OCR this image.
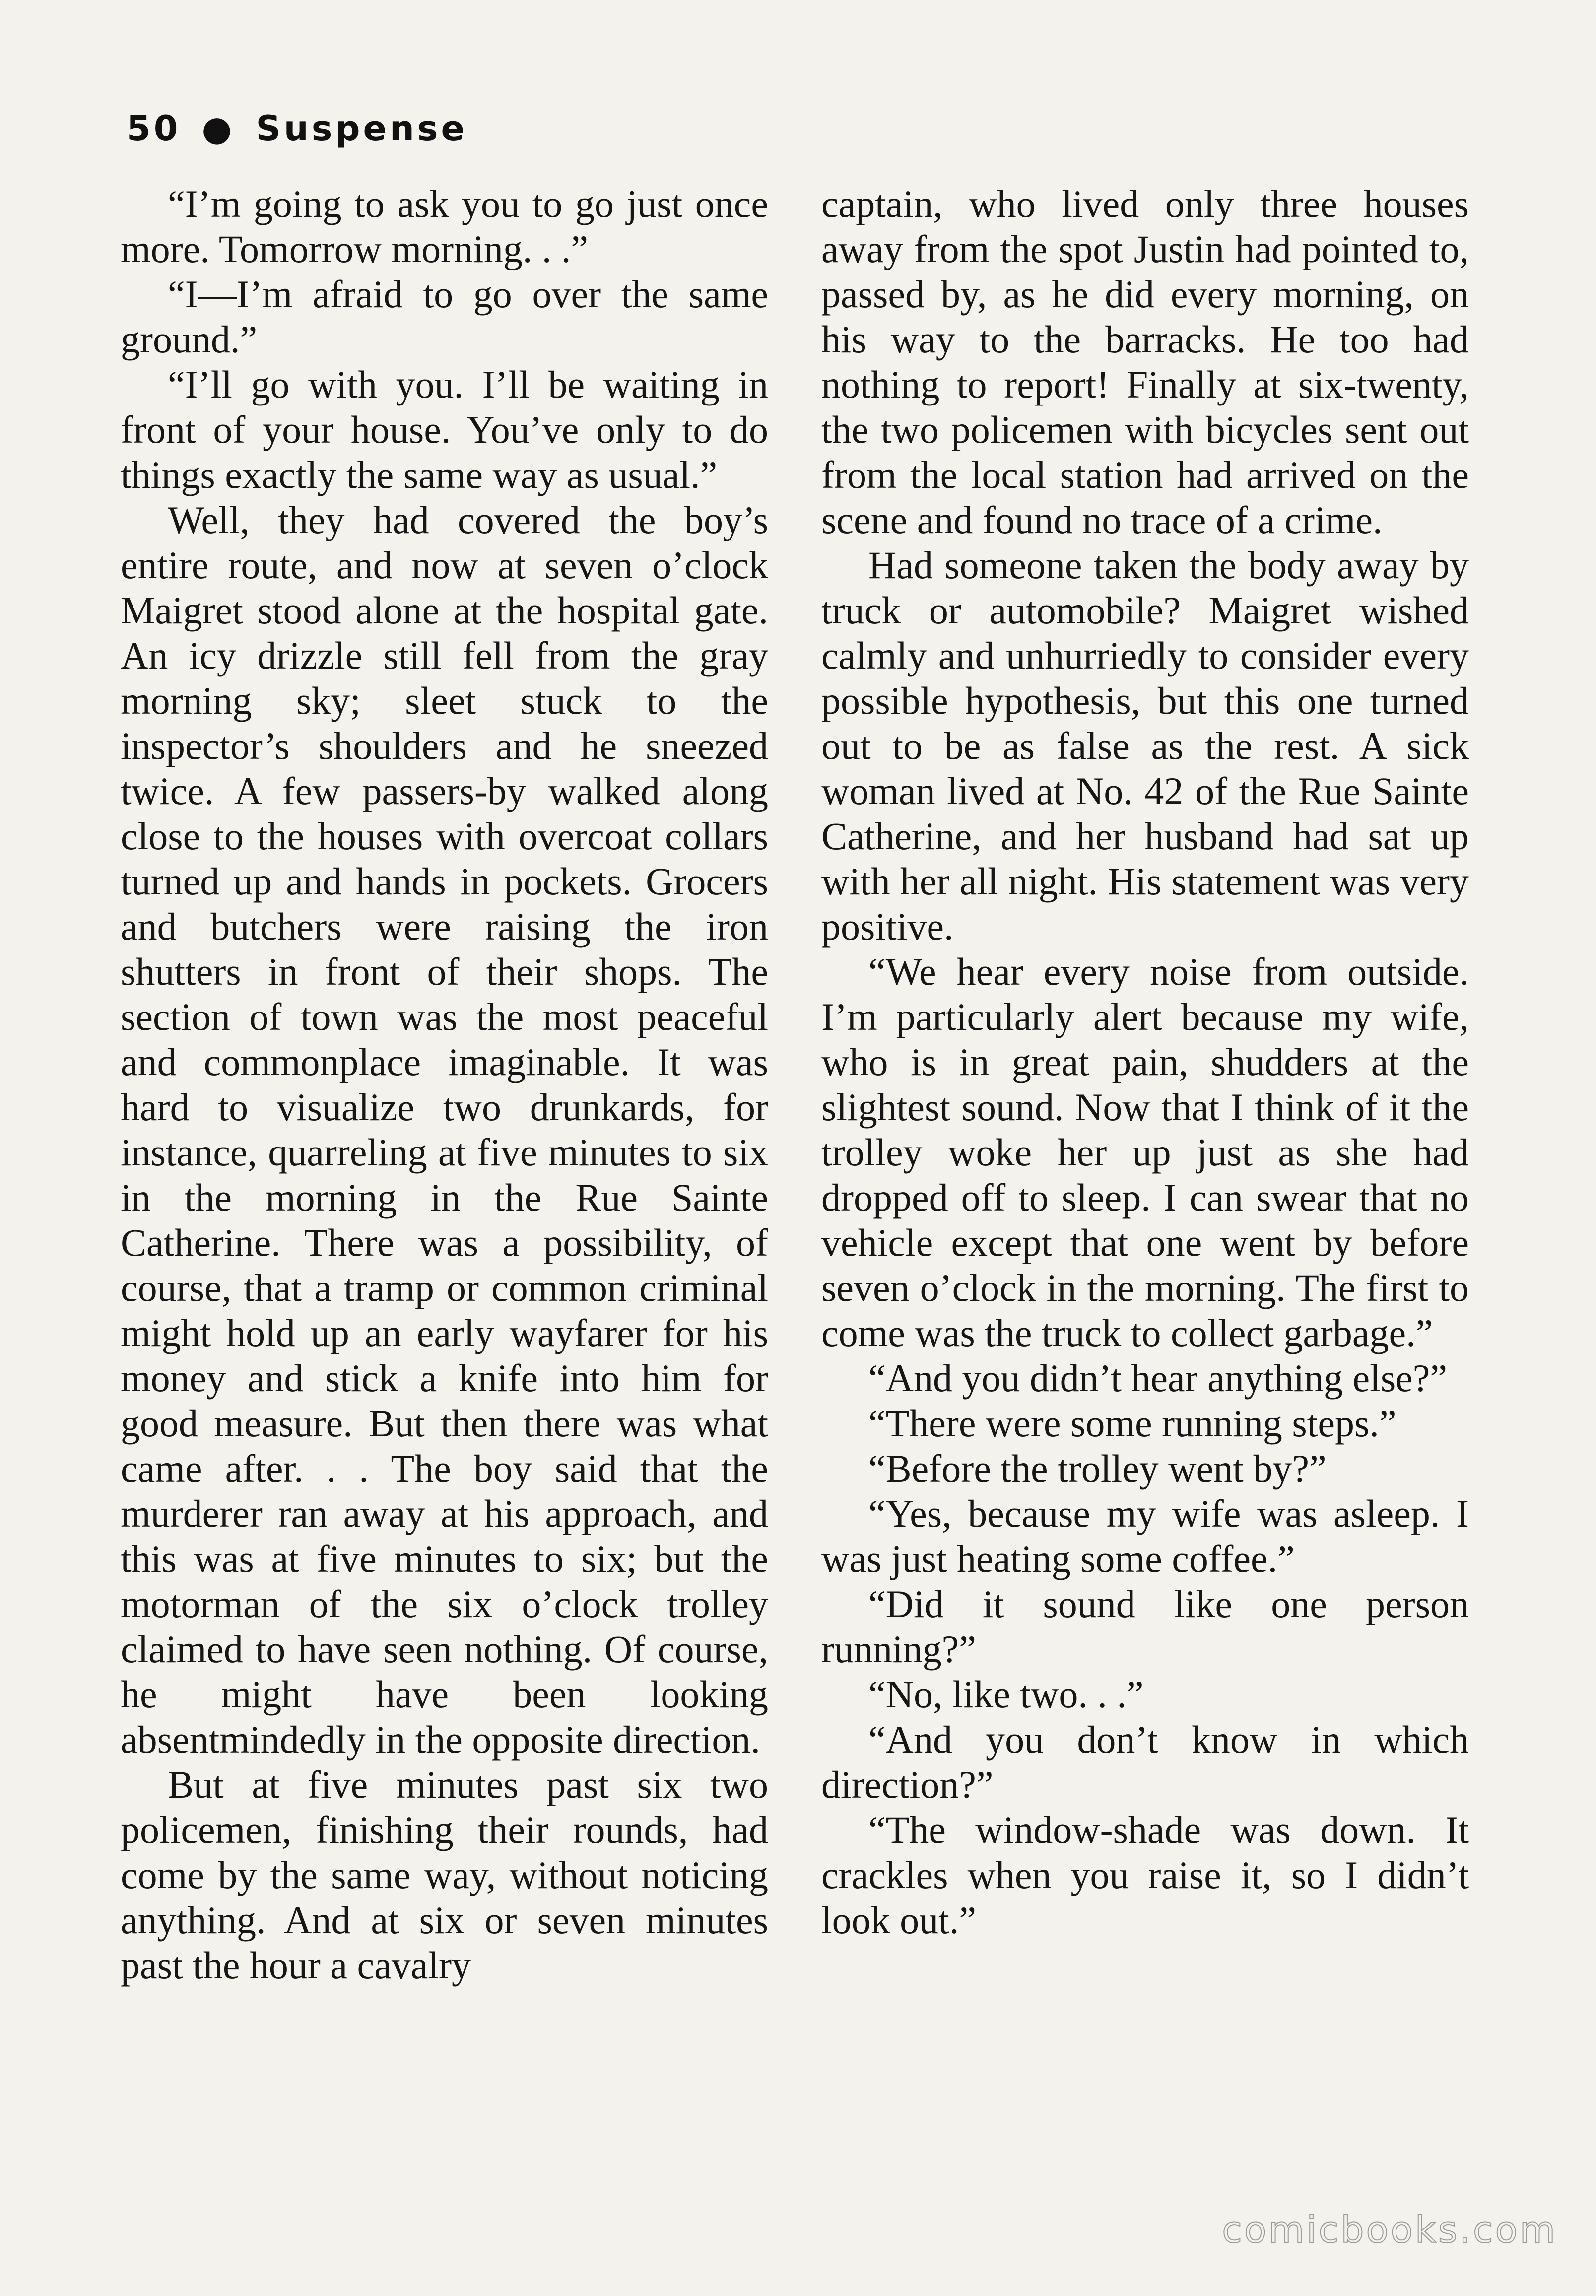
50 ● Suspense

“I’m going to ask you to go just once more. Tomorrow morning. . .”

“I—I’m afraid to go over the same ground.”

“I’ll go with you. I’ll be waiting in front of your house. You’ve only to do things exactly the same way as usual.”

Well, they had covered the boy’s entire route, and now at seven o’clock Maigret stood alone at the hospital gate. An icy drizzle still fell from the gray morning sky; sleet stuck to the inspector’s shoulders and he sneezed twice. A few passers-by walked along close to the houses with overcoat collars turned up and hands in pockets. Grocers and butchers were raising the iron shutters in front of their shops. The section of town was the most peaceful and commonplace imaginable. It was hard to visualize two drunkards, for instance, quarreling at five minutes to six in the morning in the Rue Sainte Catherine. There was a possibility, of course, that a tramp or common criminal might hold up an early wayfarer for his money and stick a knife into him for good measure. But then there was what came after. . . The boy said that the murderer ran away at his approach, and this was at five minutes to six; but the motorman of the six o’clock trolley claimed to have seen nothing. Of course, he might have been looking absentmindedly in the opposite direction.

But at five minutes past six two policemen, finishing their rounds, had come by the same way, without noticing anything. And at six or seven minutes past the hour a cavalry

captain, who lived only three houses away from the spot Justin had pointed to, passed by, as he did every morning, on his way to the barracks. He too had nothing to report! Finally at six-twenty, the two policemen with bicycles sent out from the local station had arrived on the scene and found no trace of a crime.

Had someone taken the body away by truck or automobile? Maigret wished calmly and unhurriedly to consider every possible hypothesis, but this one turned out to be as false as the rest. A sick woman lived at No. 42 of the Rue Sainte Catherine, and her husband had sat up with her all night. His statement was very positive.

“We hear every noise from outside. I’m particularly alert because my wife, who is in great pain, shudders at the slightest sound. Now that I think of it the trolley woke her up just as she had dropped off to sleep. I can swear that no vehicle except that one went by before seven o’clock in the morning. The first to come was the truck to collect garbage.”

“And you didn’t hear anything else?”

“There were some running steps.”

“Before the trolley went by?”

“Yes, because my wife was asleep. I was just heating some coffee.”

“Did it sound like one person running?”

“No, like two. . .”

“And you don’t know in which direction?”

“The window-shade was down. It crackles when you raise it, so I didn’t look out.”

comicbooks.com
